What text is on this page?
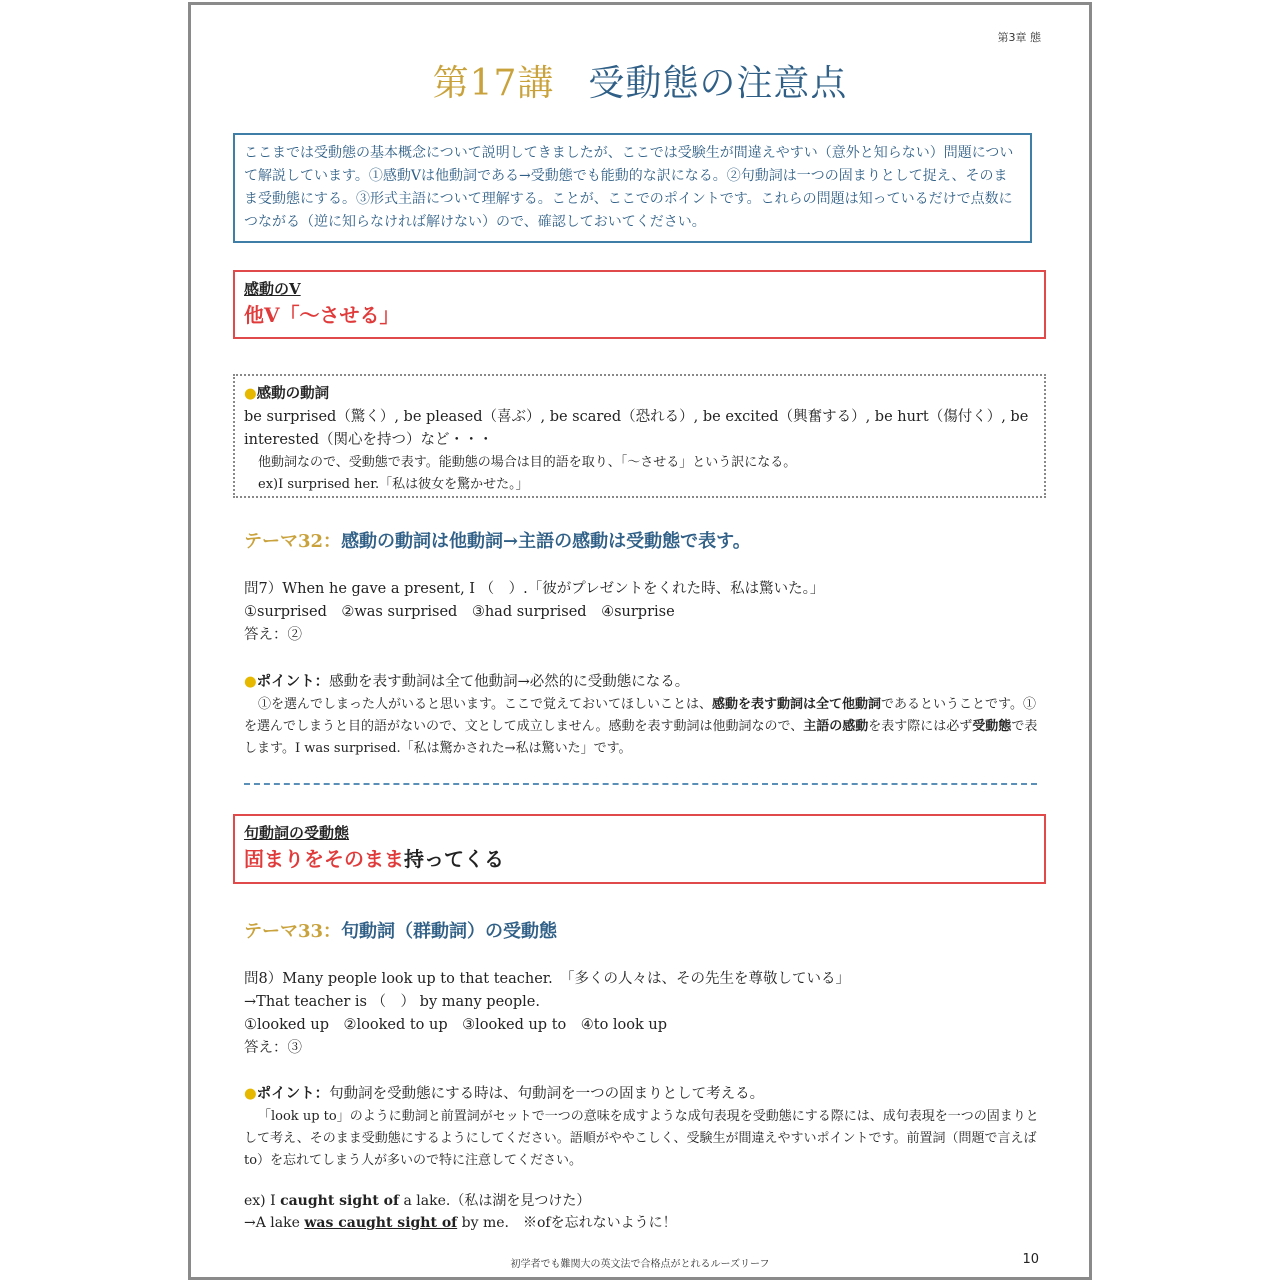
第3章 態
第17講 受動態の注意点
ここまでは受動態の基本概念について説明してきましたが、ここでは受験生が間違えやすい（意外と知らない）問題について解説しています。①感動Vは他動詞である→受動態でも能動的な訳になる。②句動詞は一つの固まりとして捉え、そのまま受動態にする。③形式主語について理解する。ことが、ここでのポイントです。これらの問題は知っているだけで点数につながる（逆に知らなければ解けない）ので、確認しておいてください。
感動のV
他V「～させる」
●感動の動詞
be surprised（驚く）, be pleased（喜ぶ）, be scared（恐れる）, be excited（興奮する）, be hurt（傷付く）, be interested（関心を持つ）など・・・
他動詞なので、受動態で表す。能動態の場合は目的語を取り、「～させる」という訳になる。
ex)I surprised her.「私は彼女を驚かせた。」
テーマ32：感動の動詞は他動詞→主語の感動は受動態で表す。
問7）When he gave a present, I （　）.「彼がプレゼントをくれた時、私は驚いた。」
①surprised　②was surprised　③had surprised　④surprise
答え：②
●ポイント：感動を表す動詞は全て他動詞→必然的に受動態になる。
①を選んでしまった人がいると思います。ここで覚えておいてほしいことは、感動を表す動詞は全て他動詞であるということです。①を選んでしまうと目的語がないので、文として成立しません。感動を表す動詞は他動詞なので、主語の感動を表す際には必ず受動態で表します。I was surprised.「私は驚かされた→私は驚いた」です。
句動詞の受動態
固まりをそのまま持ってくる
テーマ33：句動詞（群動詞）の受動態
問8）Many people look up to that teacher.　「多くの人々は、その先生を尊敬している」
→That teacher is （　） by many people.
①looked up　②looked to up　③looked up to　④to look up
答え：③
●ポイント：句動詞を受動態にする時は、句動詞を一つの固まりとして考える。
「look up to」のように動詞と前置詞がセットで一つの意味を成すような成句表現を受動態にする際には、成句表現を一つの固まりとして考え、そのまま受動態にするようにしてください。語順がややこしく、受験生が間違えやすいポイントです。前置詞（問題で言えばto）を忘れてしまう人が多いので特に注意してください。
ex) I caught sight of a lake.（私は湖を見つけた）
→A lake was caught sight of by me.　※ofを忘れないように！
初学者でも難関大の英文法で合格点がとれるルーズリーフ	10
